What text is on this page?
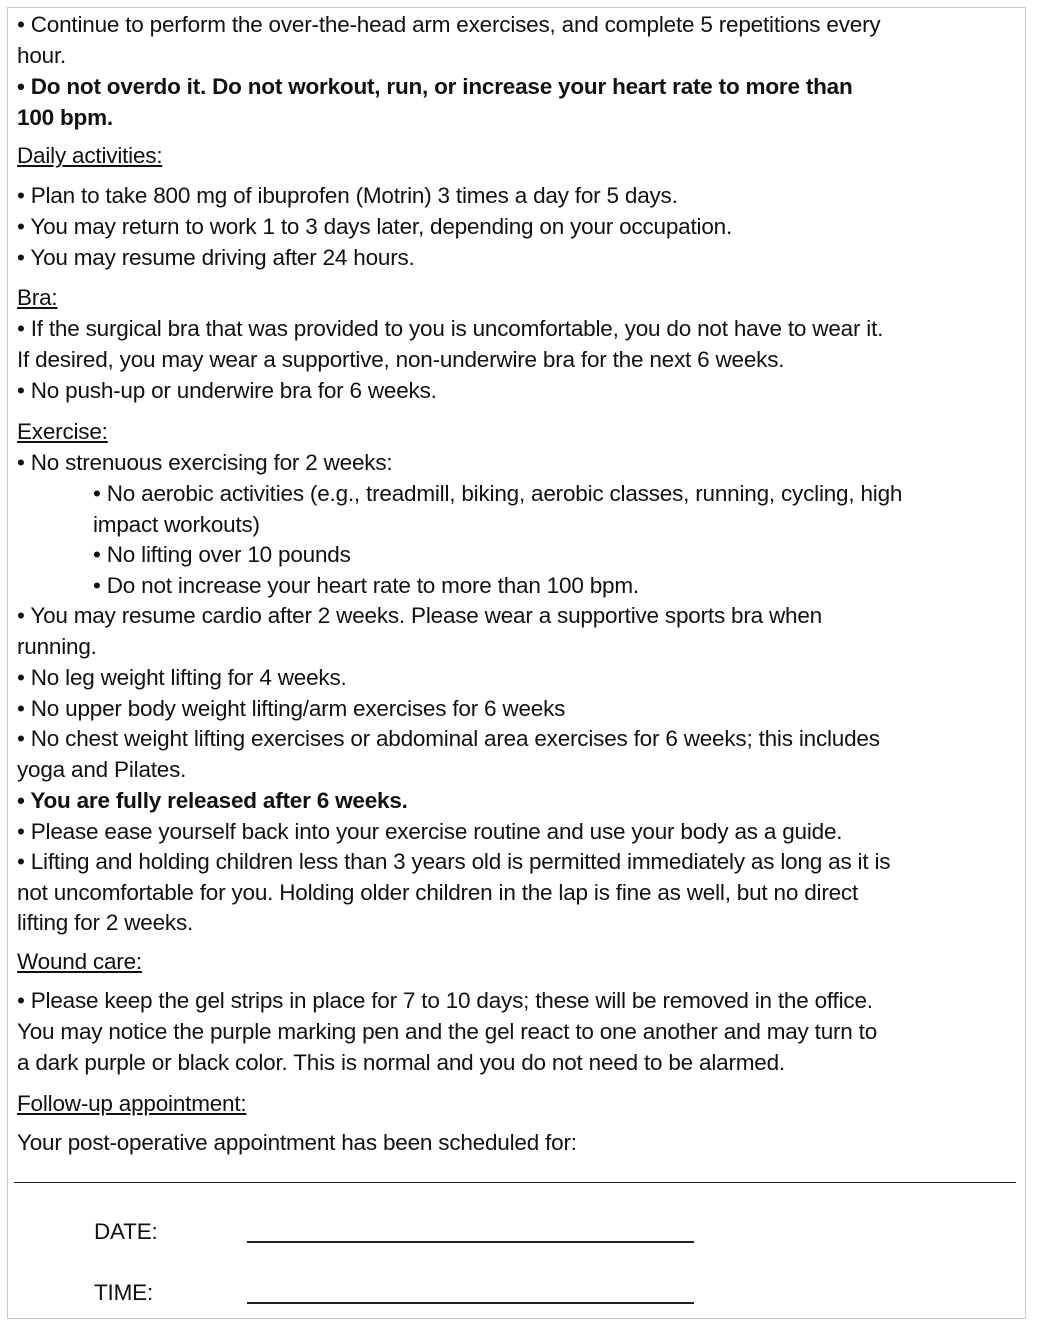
• Continue to perform the over-the-head arm exercises, and complete 5 repetitions every
hour.
• Do not overdo it. Do not workout, run, or increase your heart rate to more than
100 bpm.
Daily activities:
• Plan to take 800 mg of ibuprofen (Motrin) 3 times a day for 5 days.
• You may return to work 1 to 3 days later, depending on your occupation.
• You may resume driving after 24 hours.
Bra:
• If the surgical bra that was provided to you is uncomfortable, you do not have to wear it.
If desired, you may wear a supportive, non-underwire bra for the next 6 weeks.
• No push-up or underwire bra for 6 weeks.
Exercise:
• No strenuous exercising for 2 weeks:
• No aerobic activities (e.g., treadmill, biking, aerobic classes, running, cycling, high
impact workouts)
• No lifting over 10 pounds
• Do not increase your heart rate to more than 100 bpm.
• You may resume cardio after 2 weeks. Please wear a supportive sports bra when
running.
• No leg weight lifting for 4 weeks.
• No upper body weight lifting/arm exercises for 6 weeks
• No chest weight lifting exercises or abdominal area exercises for 6 weeks; this includes
yoga and Pilates.
• You are fully released after 6 weeks.
• Please ease yourself back into your exercise routine and use your body as a guide.
• Lifting and holding children less than 3 years old is permitted immediately as long as it is
not uncomfortable for you. Holding older children in the lap is fine as well, but no direct
lifting for 2 weeks.
Wound care:
• Please keep the gel strips in place for 7 to 10 days; these will be removed in the office.
You may notice the purple marking pen and the gel react to one another and may turn to
a dark purple or black color. This is normal and you do not need to be alarmed.
Follow-up appointment:
Your post-operative appointment has been scheduled for:
DATE:
TIME:
